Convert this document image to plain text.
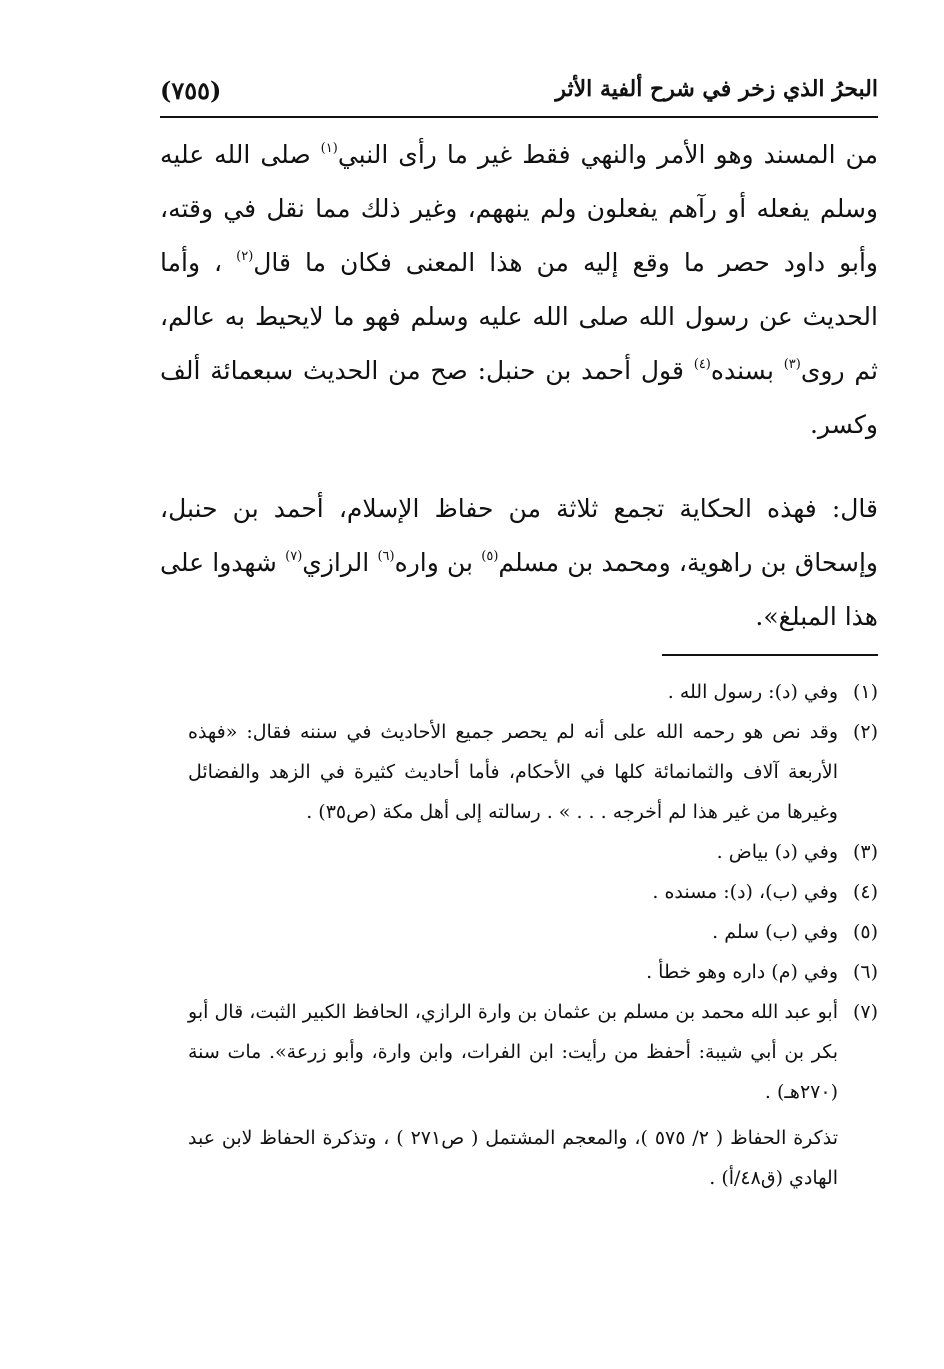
البحرُ الذي زخر في شرح ألفية الأثر
(٧٥٥)

من المسند وهو الأمر والنهي فقط غير ما رأى النبي$^{(١)}$ صلى الله عليه وسلم يفعله أو رآهم يفعلون ولم ينههم، وغير ذلك مما نقل في وقته، وأبو داود حصر ما وقع إليه من هذا المعنى فكان ما قال$^{(٢)}$ ، وأما الحديث عن رسول الله صلى الله عليه وسلم فهو ما لايحيط به عالم، ثم روى$^{(٣)}$ بسنده$^{(٤)}$ قول أحمد بن حنبل: صح من الحديث سبعمائة ألف وكسر.

قال: فهذه الحكاية تجمع ثلاثة من حفاظ الإسلام، أحمد بن حنبل، وإسحاق بن راهوية، ومحمد بن مسلم$^{(٥)}$ بن واره$^{(٦)}$ الرازي$^{(٧)}$ شهدوا على هذا المبلغ».

(١)
وفي (د): رسول الله .
(٢)
وقد نص هو رحمه الله على أنه لم يحصر جميع الأحاديث في سننه فقال: «فهذه الأربعة آلاف والثمانمائة كلها في الأحكام، فأما أحاديث كثيرة في الزهد والفضائل وغيرها من غير هذا لم أخرجه . . . » . رسالته إلى أهل مكة (ص٣٥) .
(٣)
وفي (د) بياض .
(٤)
وفي (ب)، (د): مسنده .
(٥)
وفي (ب) سلم .
(٦)
وفي (م) داره وهو خطأ .
(٧)
أبو عبد الله محمد بن مسلم بن عثمان بن وارة الرازي، الحافظ الكبير الثبت، قال أبو بكر بن أبي شيبة: أحفظ من رأيت: ابن الفرات، وابن وارة، وأبو زرعة». مات سنة (٢٧٠هـ) .
تذكرة الحفاظ ( ٢/ ٥٧٥ )، والمعجم المشتمل ( ص٢٧١ ) ، وتذكرة الحفاظ لابن عبد الهادي (ق٤٨/أ) .
